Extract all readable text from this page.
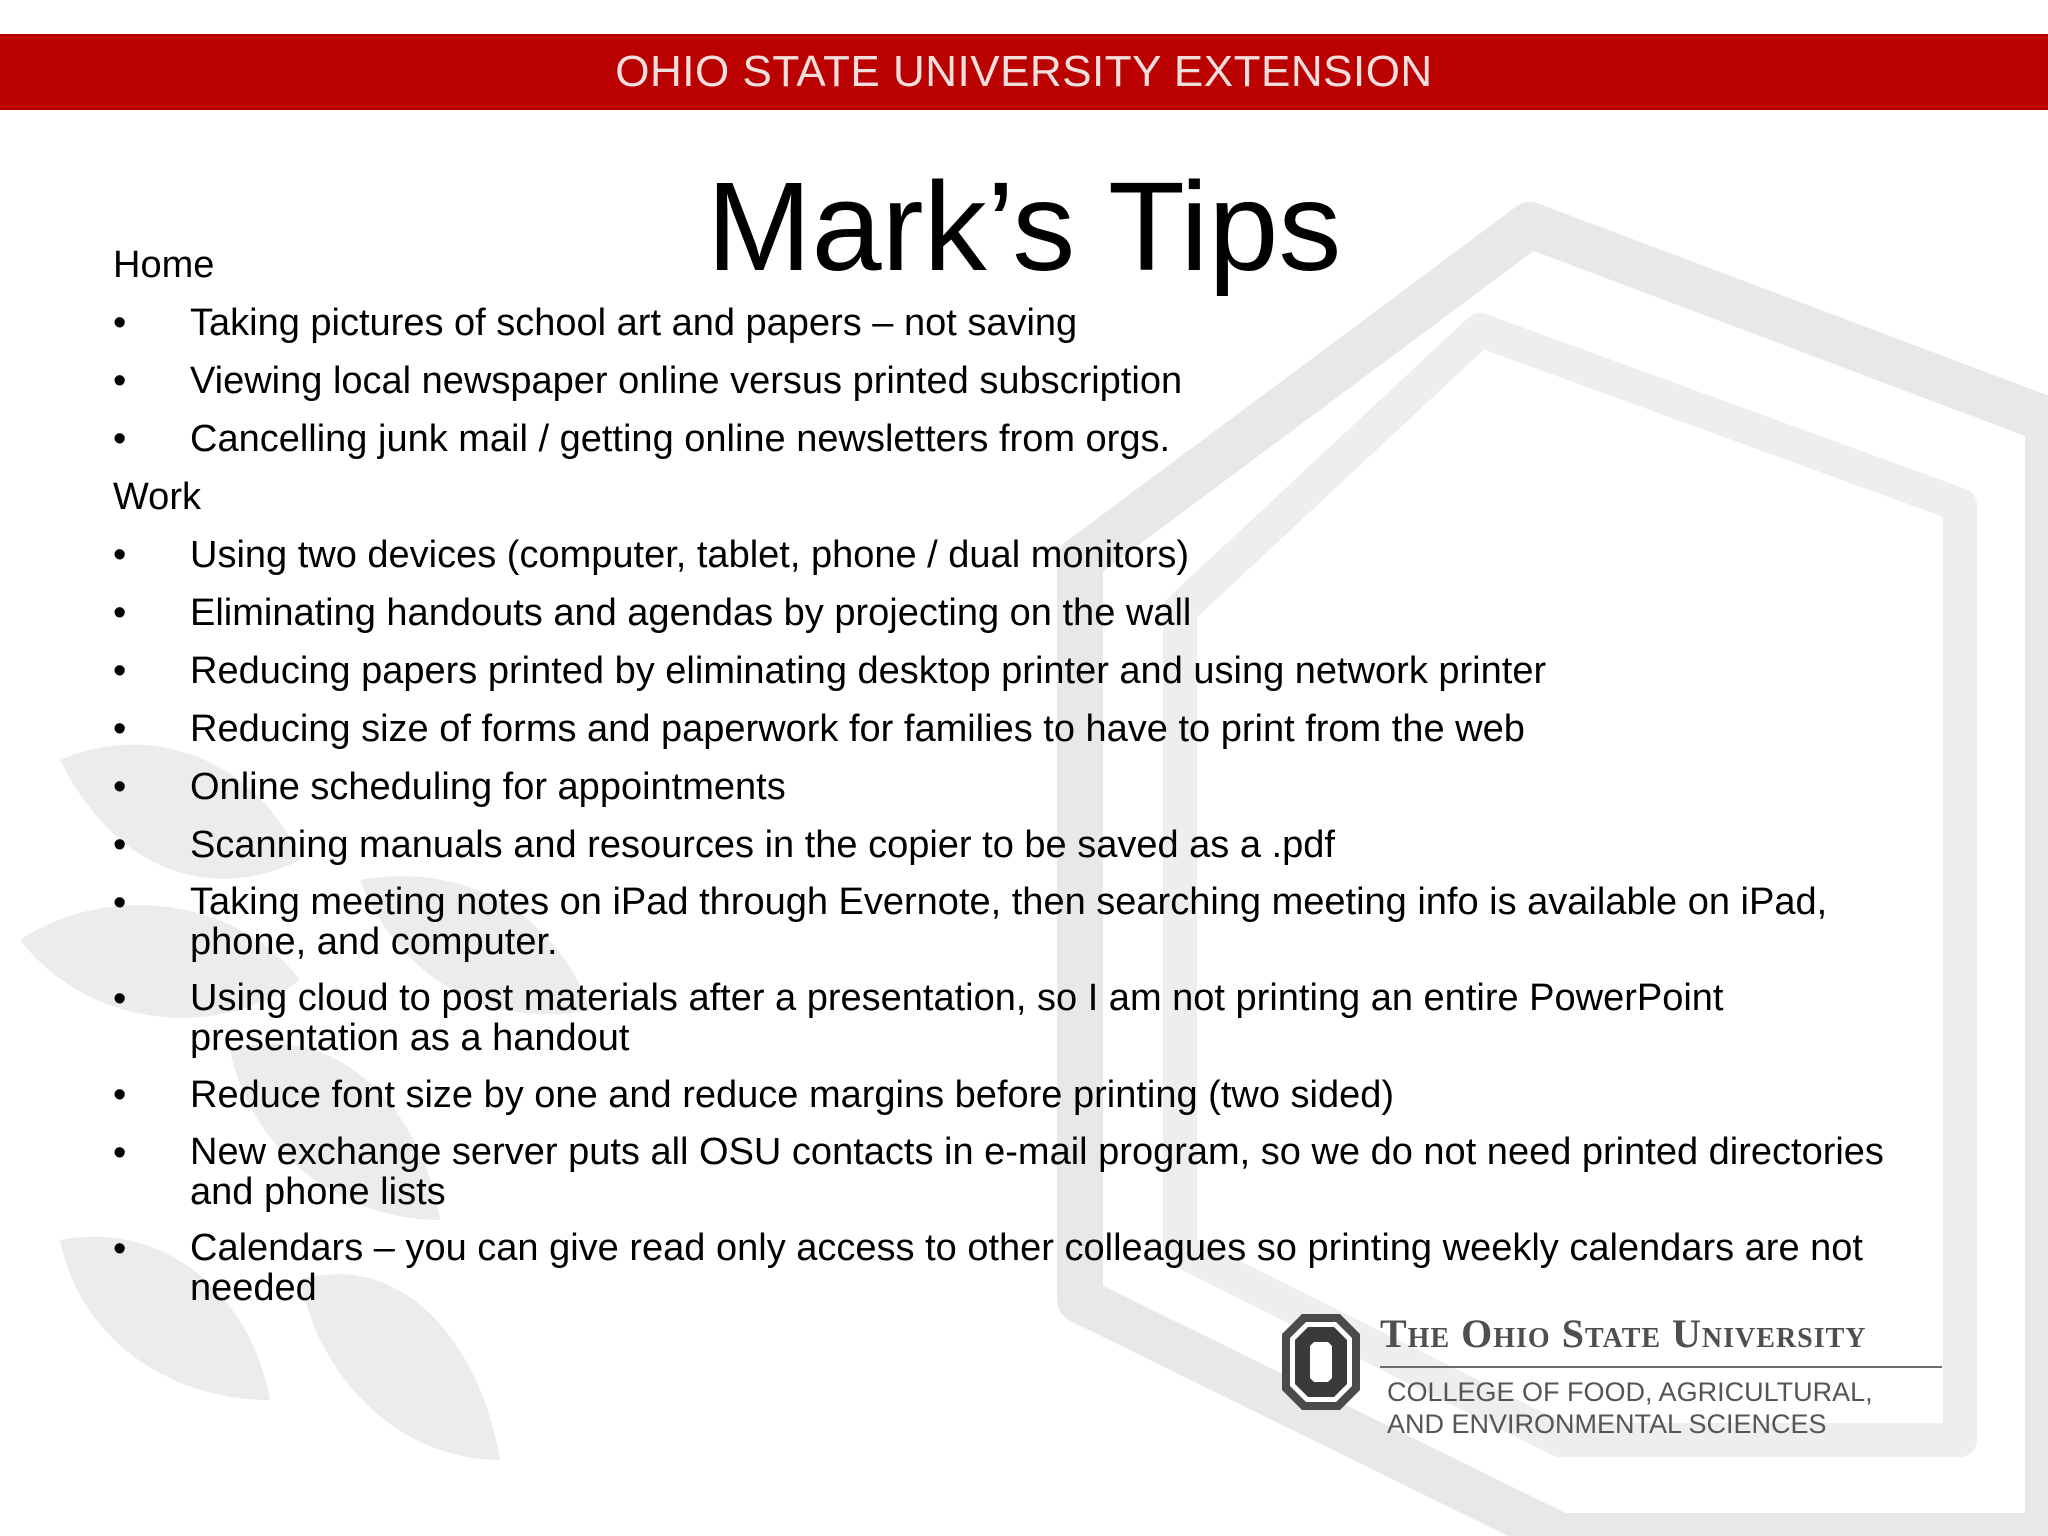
OHIO STATE UNIVERSITY EXTENSION
Mark’s Tips
Home
• Taking pictures of school art and papers – not saving
• Viewing local newspaper online versus printed subscription
• Cancelling junk mail / getting online newsletters from orgs.
Work
• Using two devices (computer, tablet, phone / dual monitors)
• Eliminating handouts and agendas by projecting on the wall
• Reducing papers printed by eliminating desktop printer and using network printer
• Reducing size of forms and paperwork for families to have to print from the web
• Online scheduling for appointments
• Scanning manuals and resources in the copier to be saved as a .pdf
• Taking meeting notes on iPad through Evernote, then searching meeting info is available on iPad, phone, and computer.
• Using cloud to post materials after a presentation, so I am not printing an entire PowerPoint presentation as a handout
• Reduce font size by one and reduce margins before printing (two sided)
• New exchange server puts all OSU contacts in e-mail program, so we do not need printed directories and phone lists
• Calendars – you can give read only access to other colleagues so printing weekly calendars are not needed
The Ohio State University
COLLEGE OF FOOD, AGRICULTURAL,
AND ENVIRONMENTAL SCIENCES
